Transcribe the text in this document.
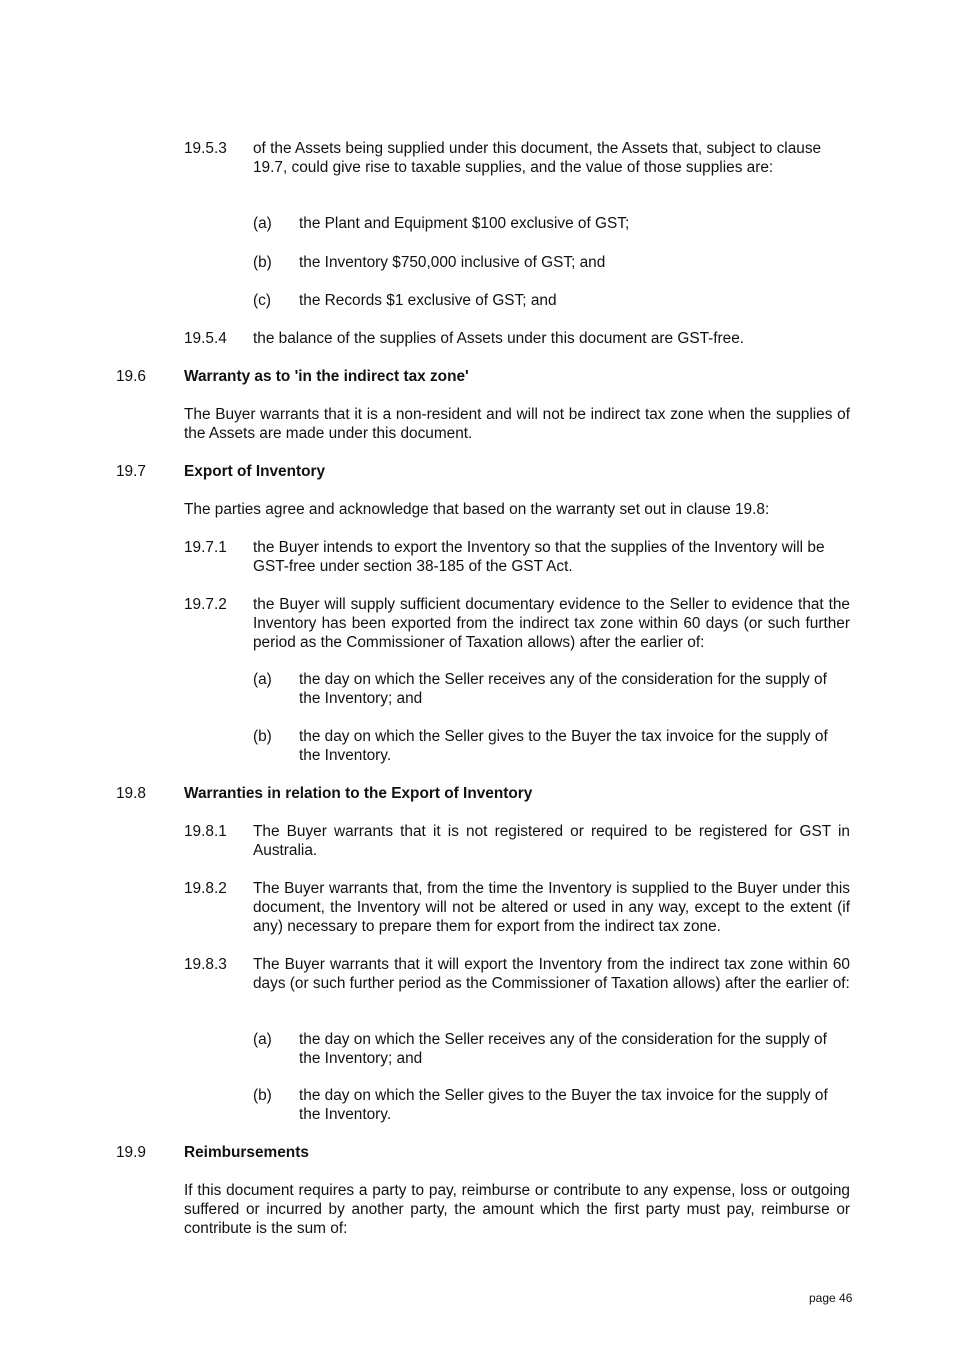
19.5.3 of the Assets being supplied under this document, the Assets that, subject to clause 19.7, could give rise to taxable supplies, and the value of those supplies are:
(a) the Plant and Equipment $100 exclusive of GST;
(b) the Inventory $750,000 inclusive of GST; and
(c) the Records $1 exclusive of GST; and
19.5.4 the balance of the supplies of Assets under this document are GST-free.
19.6 Warranty as to 'in the indirect tax zone'
The Buyer warrants that it is a non-resident and will not be indirect tax zone when the supplies of the Assets are made under this document.
19.7 Export of Inventory
The parties agree and acknowledge that based on the warranty set out in clause 19.8:
19.7.1 the Buyer intends to export the Inventory so that the supplies of the Inventory will be GST-free under section 38-185 of the GST Act.
19.7.2 the Buyer will supply sufficient documentary evidence to the Seller to evidence that the Inventory has been exported from the indirect tax zone within 60 days (or such further period as the Commissioner of Taxation allows) after the earlier of:
(a) the day on which the Seller receives any of the consideration for the supply of the Inventory; and
(b) the day on which the Seller gives to the Buyer the tax invoice for the supply of the Inventory.
19.8 Warranties in relation to the Export of Inventory
19.8.1 The Buyer warrants that it is not registered or required to be registered for GST in Australia.
19.8.2 The Buyer warrants that, from the time the Inventory is supplied to the Buyer under this document, the Inventory will not be altered or used in any way, except to the extent (if any) necessary to prepare them for export from the indirect tax zone.
19.8.3 The Buyer warrants that it will export the Inventory from the indirect tax zone within 60 days (or such further period as the Commissioner of Taxation allows) after the earlier of:
(a) the day on which the Seller receives any of the consideration for the supply of the Inventory; and
(b) the day on which the Seller gives to the Buyer the tax invoice for the supply of the Inventory.
19.9 Reimbursements
If this document requires a party to pay, reimburse or contribute to any expense, loss or outgoing suffered or incurred by another party, the amount which the first party must pay, reimburse or contribute is the sum of:
page 46
